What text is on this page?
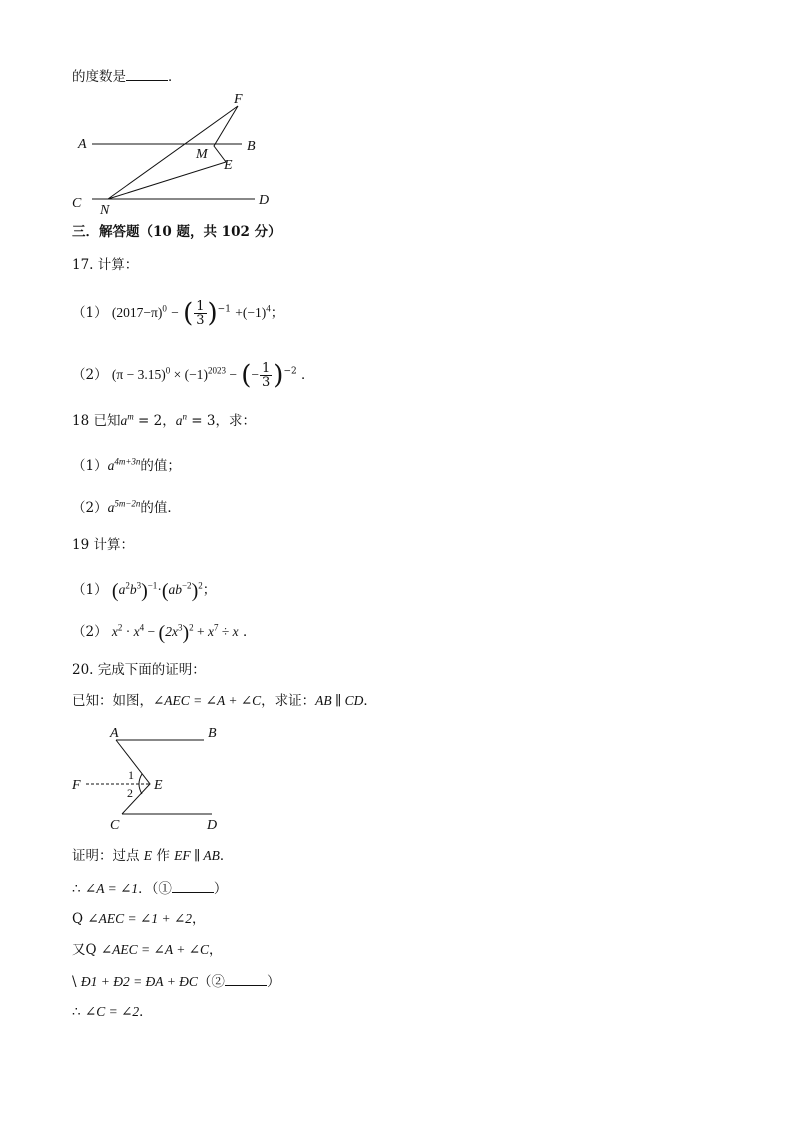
的度数是	．
A	B
C	D
F
M
E
N
三．解答题（10 题，共 102 分）
17. 计算：
（1） $(2017-\pi)^0$ − ( $\frac{1}{3} )^{-1} +(-1)^4$；
（2） $(\pi - 3.15)^0 \times (-1)^{2023}$ − (− $\frac{1}{3} )^{-2}$ ．
18 已知$a^m = 2$，$a^n = 3$，求：
$(1)a^{4m+3n}$的值；
$(2)a^{5m-2n}$的值．
19 计算：
（1） $(a^2b^3)^{-1}\cdot(ab^{-2})^2$；
（2） $x^2 \cdot x^4 - (2x^3)^2 + x^7 \div x$ ．
20. 完成下面的证明：
已知：如图，∠AEC = ∠A + ∠C，求证：AB ∥ CD．
A	B
C	D
E
F
1
2
证明：过点 E 作 EF ∥ AB．
∴ ∠A = ∠1．（①	）
Q ∠AEC = ∠1 + ∠2，
又Q ∠AEC = ∠A + ∠C，
\ Ð1 + Ð2 = ÐA + ÐC（②	）
∴ ∠C = ∠2．
